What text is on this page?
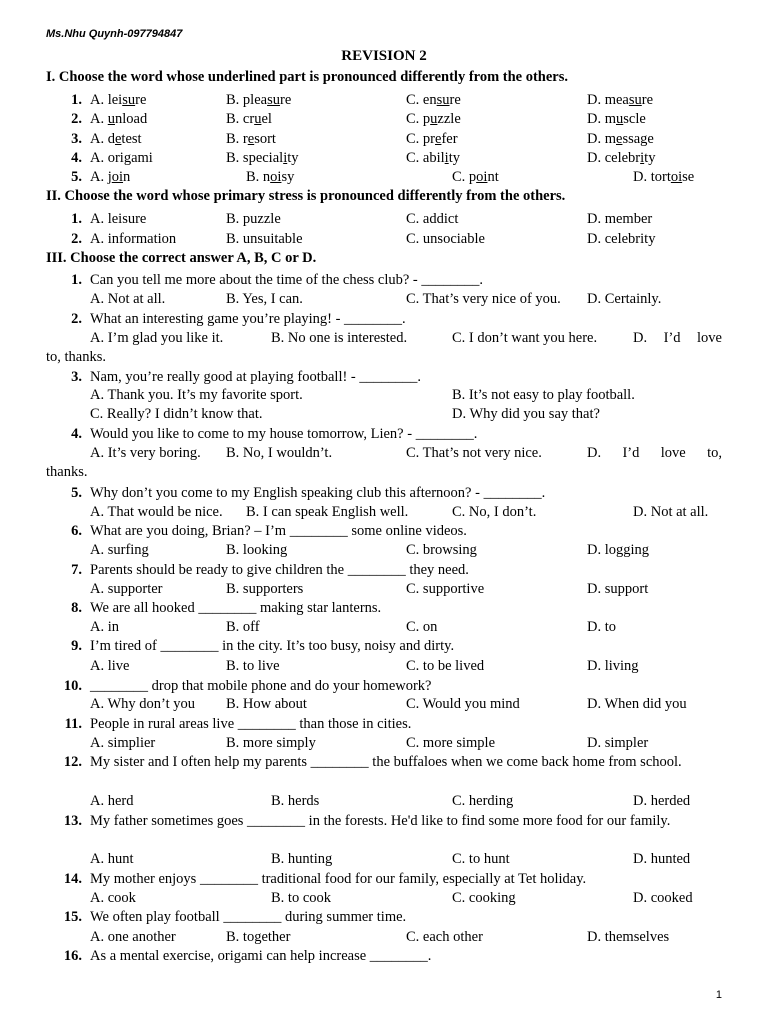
Ms.Nhu Quynh-097794847
REVISION 2
I. Choose the word whose underlined part is pronounced differently from the others.
1. A. leisure	B. pleasure	C. ensure	D. measure
2. A. unload	B. cruel	C. puzzle	D. muscle
3. A. detest	B. resort	C. prefer	D. message
4. A. origami	B. speciality	C. ability	D. celebrity
5. A. join	B. noisy	C. point	D. tortoise
II. Choose the word whose primary stress is pronounced differently from the others.
1. A. leisure	B. puzzle	C. addict	D. member
2. A. information	B. unsuitable	C. unsociable	D. celebrity
III. Choose the correct answer A, B, C or D.
1. Can you tell me more about the time of the chess club? - ________.
A. Not at all.	B. Yes, I can.	C. That’s very nice of you. D. Certainly.
2. What an interesting game you’re playing! - ________.
A. I’m glad you like it.	B. No one is interested.	C. I don’t want you here. D. I’d love
to, thanks.
3. Nam, you’re really good at playing football! - ________.
A. Thank you. It’s my favorite sport.	B. It’s not easy to play football.
C. Really? I didn’t know that.	D. Why did you say that?
4. Would you like to come to my house tomorrow, Lien? - ________.
A. It’s very boring. B. No, I wouldn’t.	C. That’s not very nice.	D. I’d love to,
thanks.
5. Why don’t you come to my English speaking club this afternoon? - ________.
A. That would be nice. B. I can speak English well.	C. No, I don’t.	D. Not at all.
6. What are you doing, Brian? – I’m ________ some online videos.
A. surfing	B. looking	C. browsing	D. logging
7. Parents should be ready to give children the ________ they need.
A. supporter	B. supporters	C. supportive	D. support
8. We are all hooked ________ making star lanterns.
A. in	B. off	C. on	D. to
9. I’m tired of ________ in the city. It’s too busy, noisy and dirty.
A. live	B. to live	C. to be lived	D. living
10. ________ drop that mobile phone and do your homework?
A. Why don’t you B. How about	C. Would you mind	D. When did you
11. People in rural areas live ________ than those in cities.
A. simplier	B. more simply	C. more simple	D. simpler
12. My sister and I often help my parents ________ the buffaloes when we come back home from school.
A. herd	B. herds	C. herding	D. herded
13. My father sometimes goes ________ in the forests. He'd like to find some more food for our family.
A. hunt	B. hunting	C. to hunt	D. hunted
14. My mother enjoys ________ traditional food for our family, especially at Tet holiday.
A. cook	B. to cook	C. cooking	D. cooked
15. We often play football ________ during summer time.
A. one another	B. together	C. each other	D. themselves
16. As a mental exercise, origami can help increase ________.
1
